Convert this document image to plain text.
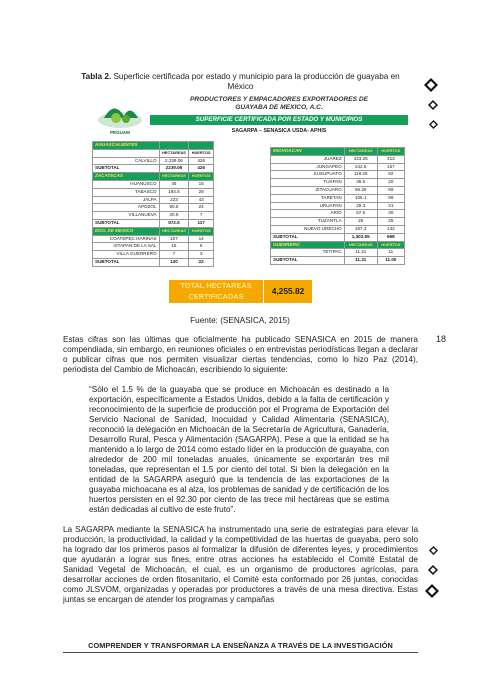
Tabla 2. Superficie certificada por estado y municipio para la producción de guayaba en México
PEGUAM
PRODUCTORES Y EMPACADORES EXPORTADORES DE
GUAYABA DE MEXICO, A.C.
SUPERFICIE CERTIFICADA POR ESTADO Y MUNICIPIOS
SAGARPA – SENASICA USDA- APHIS
AGUASCALIENTES		
	HECTAREAS	HUERTOS
CALVILLO	2,239.06	426
SUBTOTAL	2239.06	426
ZACATECAS	HECTAREAS	HUERTOS
HUANUSCO	45	15
TABASCO	193.5	28
JALPA	223	43
APOZOL	90.5	24
VILLANUEVA	20.5	7
SUBTOTAL	572.5	117
EDO. DE MEXICO	HECTAREAS	HUERTOS
COATEPEC HARINAS	107	14
IXTAPAN DE LA SAL	16	5
VILLA GUERRERO	7	3
SUBTOTAL	130	22
MICHOACAN	HECTAREAS	HUERTOS
JUAREZ	423.25	313
JUNGAPEO	242.5	157
SUSUPUATO	118.25	92
TUXPAN	36.5	20
ZITACUARO	96.25	69
TARETAN	106.1	99
URUAPAN	29.3	21
ARIO	57.5	30
TUZANTLA	26	25
NUEVO URECHO	167.3	142
SUBTOTAL	1,302.95	968
GUERRERO	HECTAREAS	HUERTOS
TETIPAC	11.31	11
SUBTOTAL	11.31	11.00
TOTAL HECTAREAS
CERTIFICADAS
4,255.82
Fuente: (SENASICA, 2015)
18

Estas cifras son las últimas que oficialmente ha publicado SENASICA en 2015 de manera compendiada, sin embargo, en reuniones oficiales o en entrevistas periodísticas llegan a declarar o publicar cifras que nos permiten visualizar ciertas tendencias, como lo hizo Paz (2014), periodista del Cambio de Michoacán, escribiendo lo siguiente:

“Sólo el 1.5 % de la guayaba que se produce en Michoacán es destinado a la exportación, específicamente a Estados Unidos, debido a la falta de certificación y reconocimiento de la superficie de producción por el Programa de Exportación del Servicio Nacional de Sanidad, Inocuidad y Calidad Alimentaria (SENASICA), reconoció la delegación en Michoacán de la Secretaría de Agricultura, Ganadería, Desarrollo Rural, Pesca y Alimentación (SAGARPA). Pese a que la entidad se ha mantenido a lo largo de 2014 como estado líder en la producción de guayaba, con alrededor de 200 mil toneladas anuales, únicamente se exportarán tres mil toneladas, que representan el 1.5 por ciento del total. Si bien la delegación en la entidad de la SAGARPA aseguró que la tendencia de las exportaciones de la guayaba michoacana es al alza, los problemas de sanidad y de certificación de los huertos persisten en el 92.30 por ciento de las trece mil hectáreas que se estima están dedicadas al cultivo de este fruto”.

La SAGARPA mediante la SENASICA ha instrumentado una serie de estrategias para elevar la producción, la productividad, la calidad y la competitividad de las huertas de guayaba, pero solo ha logrado dar los primeros pasos al formalizar la difusión de diferentes leyes, y procedimientos que ayudarán a lograr sus fines, entre otras acciones ha establecido el Comité Estatal de Sanidad Vegetal de Michoacán, el cual, es un organismo de productores agrícolas, para desarrollar acciones de orden fitosanitario, el Comité esta conformado por 26 juntas, conocidas como JLSVOM, organizadas y operadas por productores a través de una mesa directiva. Estas juntas se encargan de atender los programas y campañas

COMPRENDER Y TRANSFORMAR LA ENSEÑANZA A TRAVÉS DE LA INVESTIGACIÓN
